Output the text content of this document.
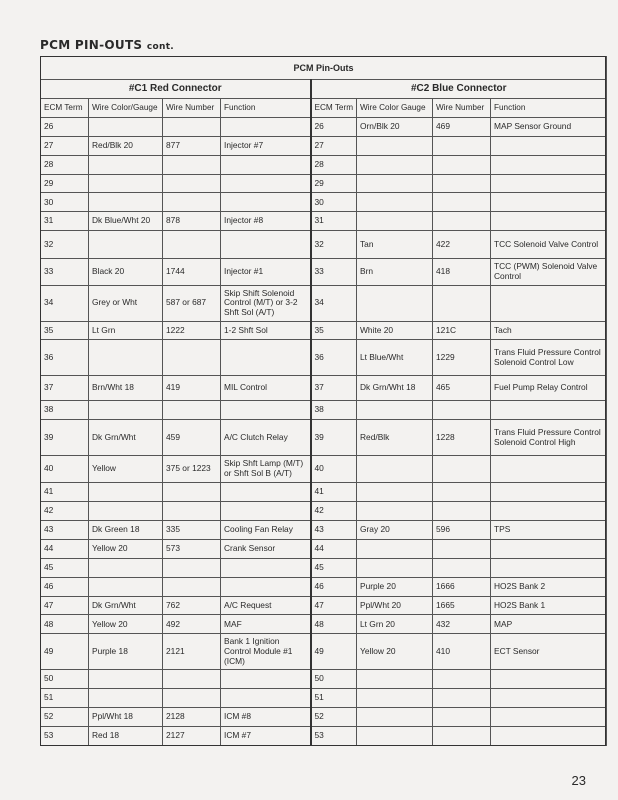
PCM PIN-OUTS cont.
PCM Pin-Outs							
#C1 Red Connector				#C2 Blue Connector			
ECM Term	Wire Color/Gauge	Wire Number	Function	ECM Term	Wire Color Gauge	Wire Number	Function
26				26	Orn/Blk 20	469	MAP Sensor Ground
27	Red/Blk 20	877	Injector #7	27			
28				28			
29				29			
30				30			
31	Dk Blue/Wht 20	878	Injector #8	31			
32				32	Tan	422	TCC Solenoid Valve Control
33	Black 20	1744	Injector #1	33	Brn	418	TCC (PWM) Solenoid Valve Control
34	Grey or Wht	587 or 687	Skip Shift Solenoid Control (M/T) or 3-2 Shft Sol (A/T)	34			
35	Lt Grn	1222	1-2 Shft Sol	35	White 20	121C	Tach
36				36	Lt Blue/Wht	1229	Trans Fluid Pressure Control Solenoid Control Low
37	Brn/Wht 18	419	MIL Control	37	Dk Grn/Wht 18	465	Fuel Pump Relay Control
38				38			
39	Dk Grn/Wht	459	A/C Clutch Relay	39	Red/Blk	1228	Trans Fluid Pressure Control Solenoid Control High
40	Yellow	375 or 1223	Skip Shft Lamp (M/T) or Shft Sol B (A/T)	40			
41				41			
42				42			
43	Dk Green 18	335	Cooling Fan Relay	43	Gray 20	596	TPS
44	Yellow 20	573	Crank Sensor	44			
45				45			
46				46	Purple 20	1666	HO2S Bank 2
47	Dk Grn/Wht	762	A/C Request	47	Ppl/Wht 20	1665	HO2S Bank 1
48	Yellow 20	492	MAF	48	Lt Grn 20	432	MAP
49	Purple 18	2121	Bank 1 Ignition Control Module #1 (ICM)	49	Yellow 20	410	ECT Sensor
50				50			
51				51			
52	Ppl/Wht 18	2128	ICM #8	52			
53	Red 18	2127	ICM #7	53			
23
